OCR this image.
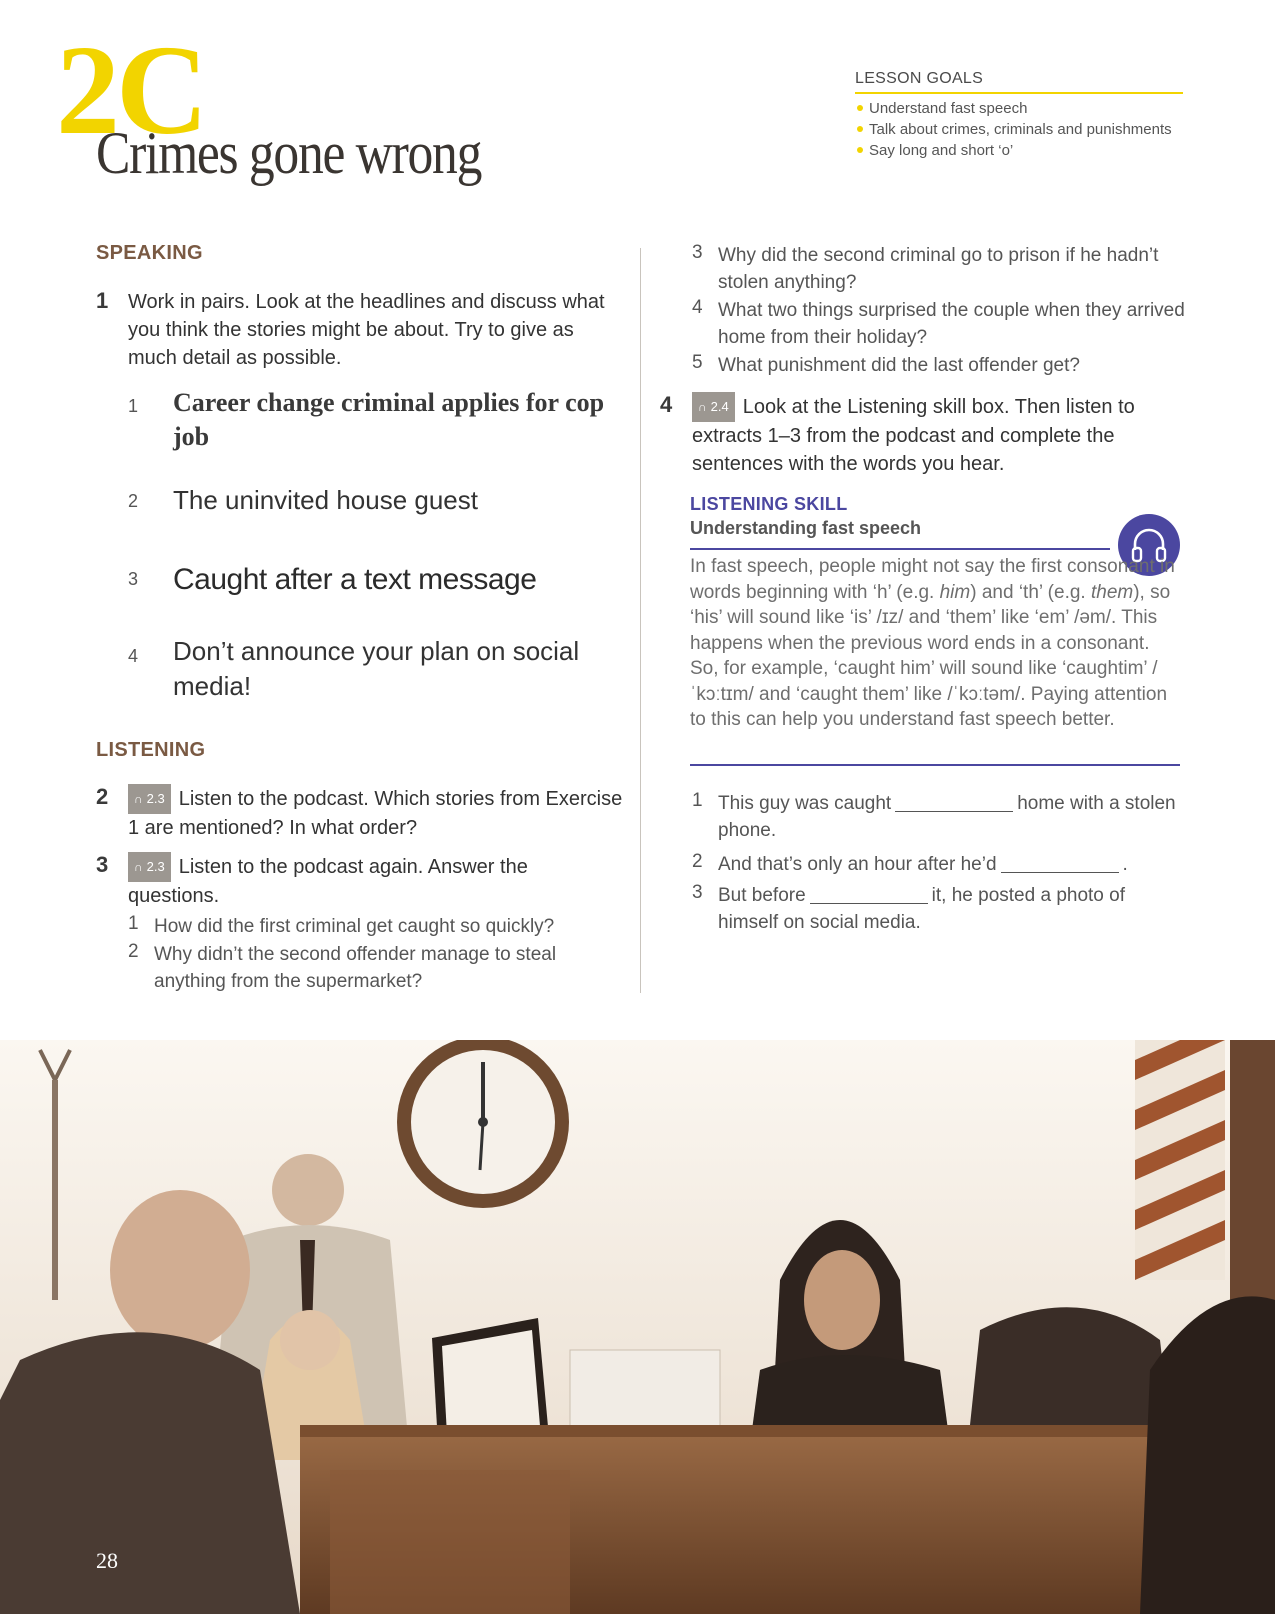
2C
Crimes gone wrong
LESSON GOALS
Understand fast speech
Talk about crimes, criminals and punishments
Say long and short ‘o’
SPEAKING
1 Work in pairs. Look at the headlines and discuss what you think the stories might be about. Try to give as much detail as possible.
1 Career change criminal applies for cop job
2 The uninvited house guest
3 Caught after a text message
4 Don’t announce your plan on social media!
LISTENING
2	∩ 2.3 Listen to the podcast. Which stories from Exercise 1 are mentioned? In what order?
3	∩ 2.3 Listen to the podcast again. Answer the questions.
1 How did the first criminal get caught so quickly?
2 Why didn’t the second offender manage to steal anything from the supermarket?
3 Why did the second criminal go to prison if he hadn’t stolen anything?
4 What two things surprised the couple when they arrived home from their holiday?
5 What punishment did the last offender get?
4	∩ 2.4 Look at the Listening skill box. Then listen to extracts 1–3 from the podcast and complete the sentences with the words you hear.
LISTENING SKILL
Understanding fast speech
In fast speech, people might not say the first consonant in words beginning with ‘h’ (e.g. him) and ‘th’ (e.g. them), so ‘his’ will sound like ‘is’ /ɪz/ and ‘them’ like ‘em’ /əm/. This happens when the previous word ends in a consonant. So, for example, ‘caught him’ will sound like ‘caughtim’ /ˈkɔːtɪm/ and ‘caught them’ like /ˈkɔːtəm/. Paying attention to this can help you understand fast speech better.
1 This guy was caught	home with a stolen phone.
2 And that’s only an hour after he’d	.
3 But before	it, he posted a photo of himself on social media.
28
